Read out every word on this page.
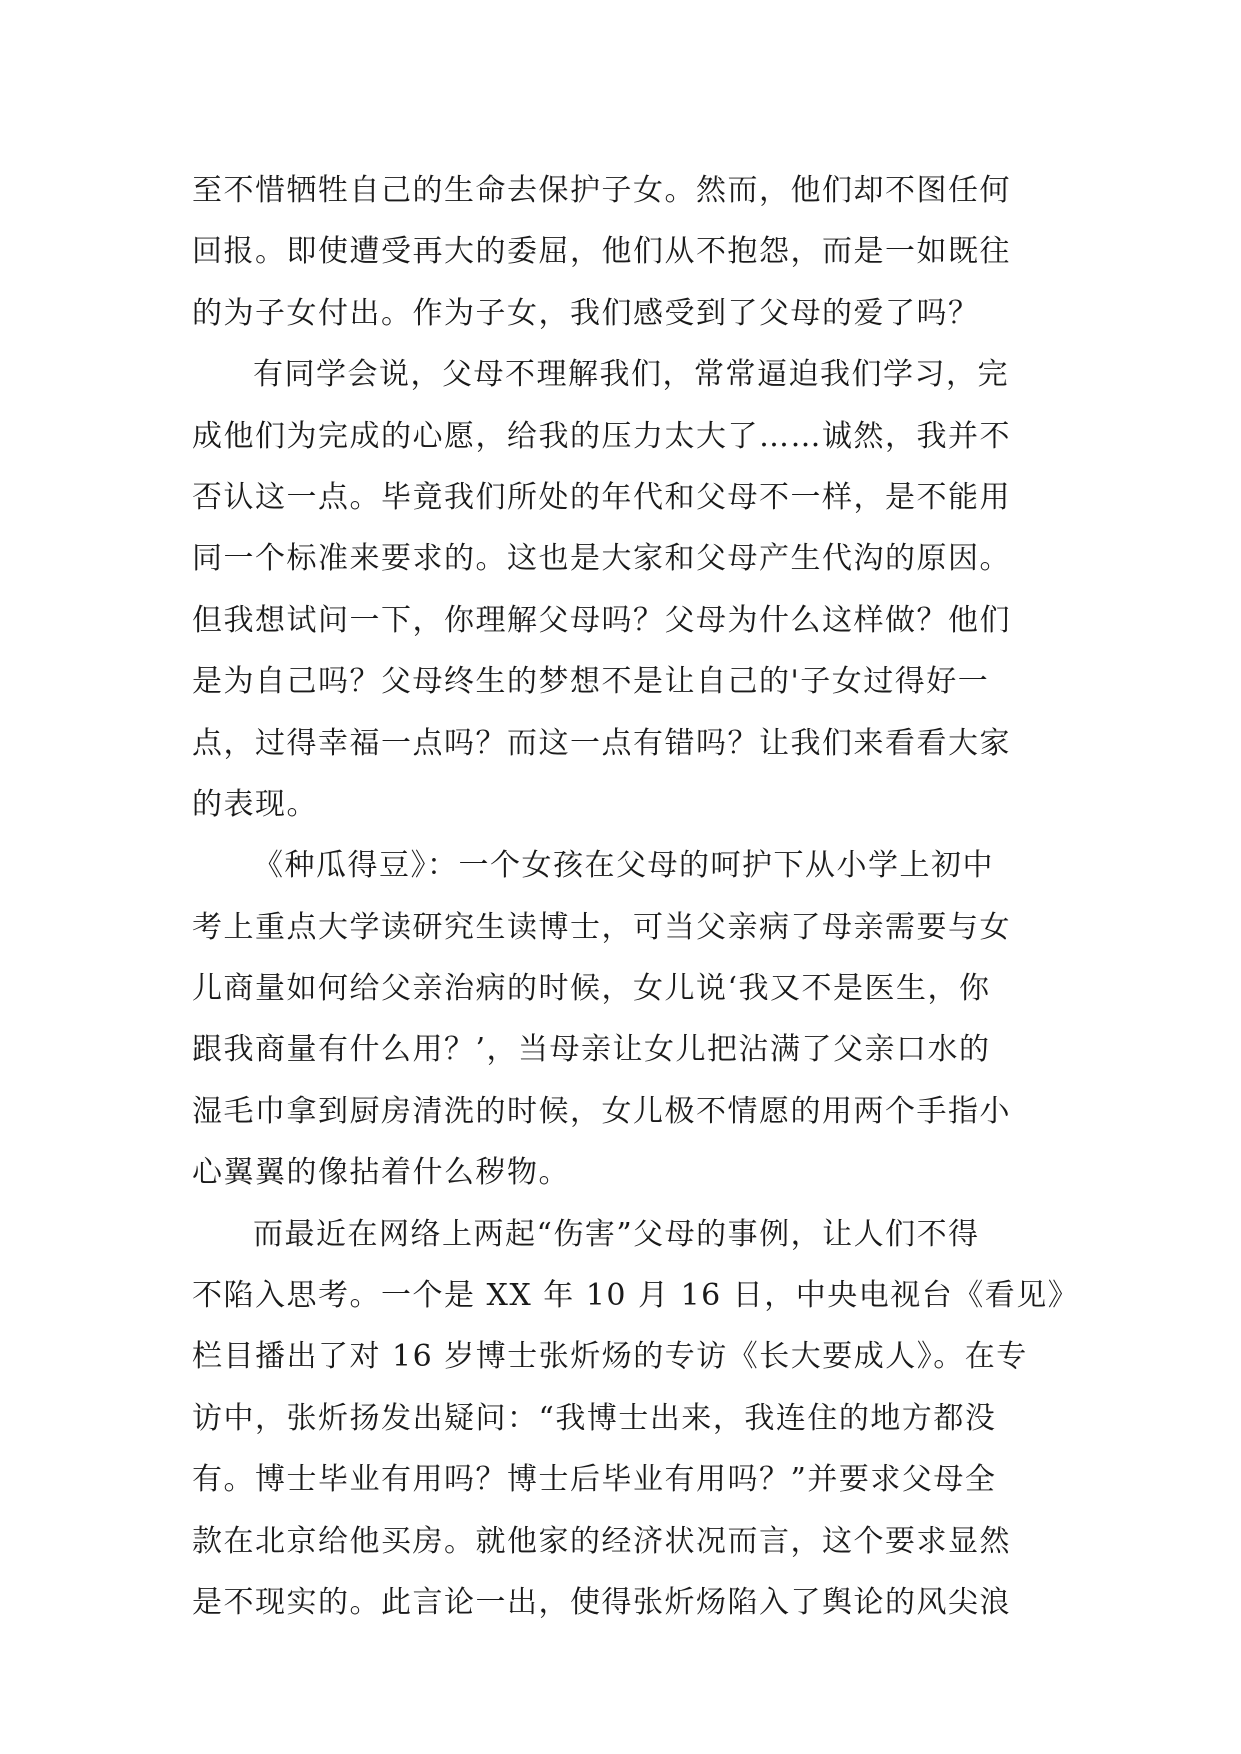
至不惜牺牲自己的生命去保护子女。然而，他们却不图任何
回报。即使遭受再大的委屈，他们从不抱怨，而是一如既往
的为子女付出。作为子女，我们感受到了父母的爱了吗？
有同学会说，父母不理解我们，常常逼迫我们学习，完
成他们为完成的心愿，给我的压力太大了……诚然，我并不
否认这一点。毕竟我们所处的年代和父母不一样，是不能用
同一个标准来要求的。这也是大家和父母产生代沟的原因。
但我想试问一下，你理解父母吗？父母为什么这样做？他们
是为自己吗？父母终生的梦想不是让自己的'子女过得好一
点，过得幸福一点吗？而这一点有错吗？让我们来看看大家
的表现。
《种瓜得豆》：一个女孩在父母的呵护下从小学上初中
考上重点大学读研究生读博士，可当父亲病了母亲需要与女
儿商量如何给父亲治病的时候，女儿说‘我又不是医生，你
跟我商量有什么用？’，当母亲让女儿把沾满了父亲口水的
湿毛巾拿到厨房清洗的时候，女儿极不情愿的用两个手指小
心翼翼的像拈着什么秽物。
而最近在网络上两起“伤害”父母的事例，让人们不得
不陷入思考。一个是 XX 年 10 月 16 日，中央电视台《看见》
栏目播出了对 16 岁博士张炘炀的专访《长大要成人》。在专
访中，张炘扬发出疑问：“我博士出来，我连住的地方都没
有。博士毕业有用吗？博士后毕业有用吗？”并要求父母全
款在北京给他买房。就他家的经济状况而言，这个要求显然
是不现实的。此言论一出，使得张炘炀陷入了舆论的风尖浪
